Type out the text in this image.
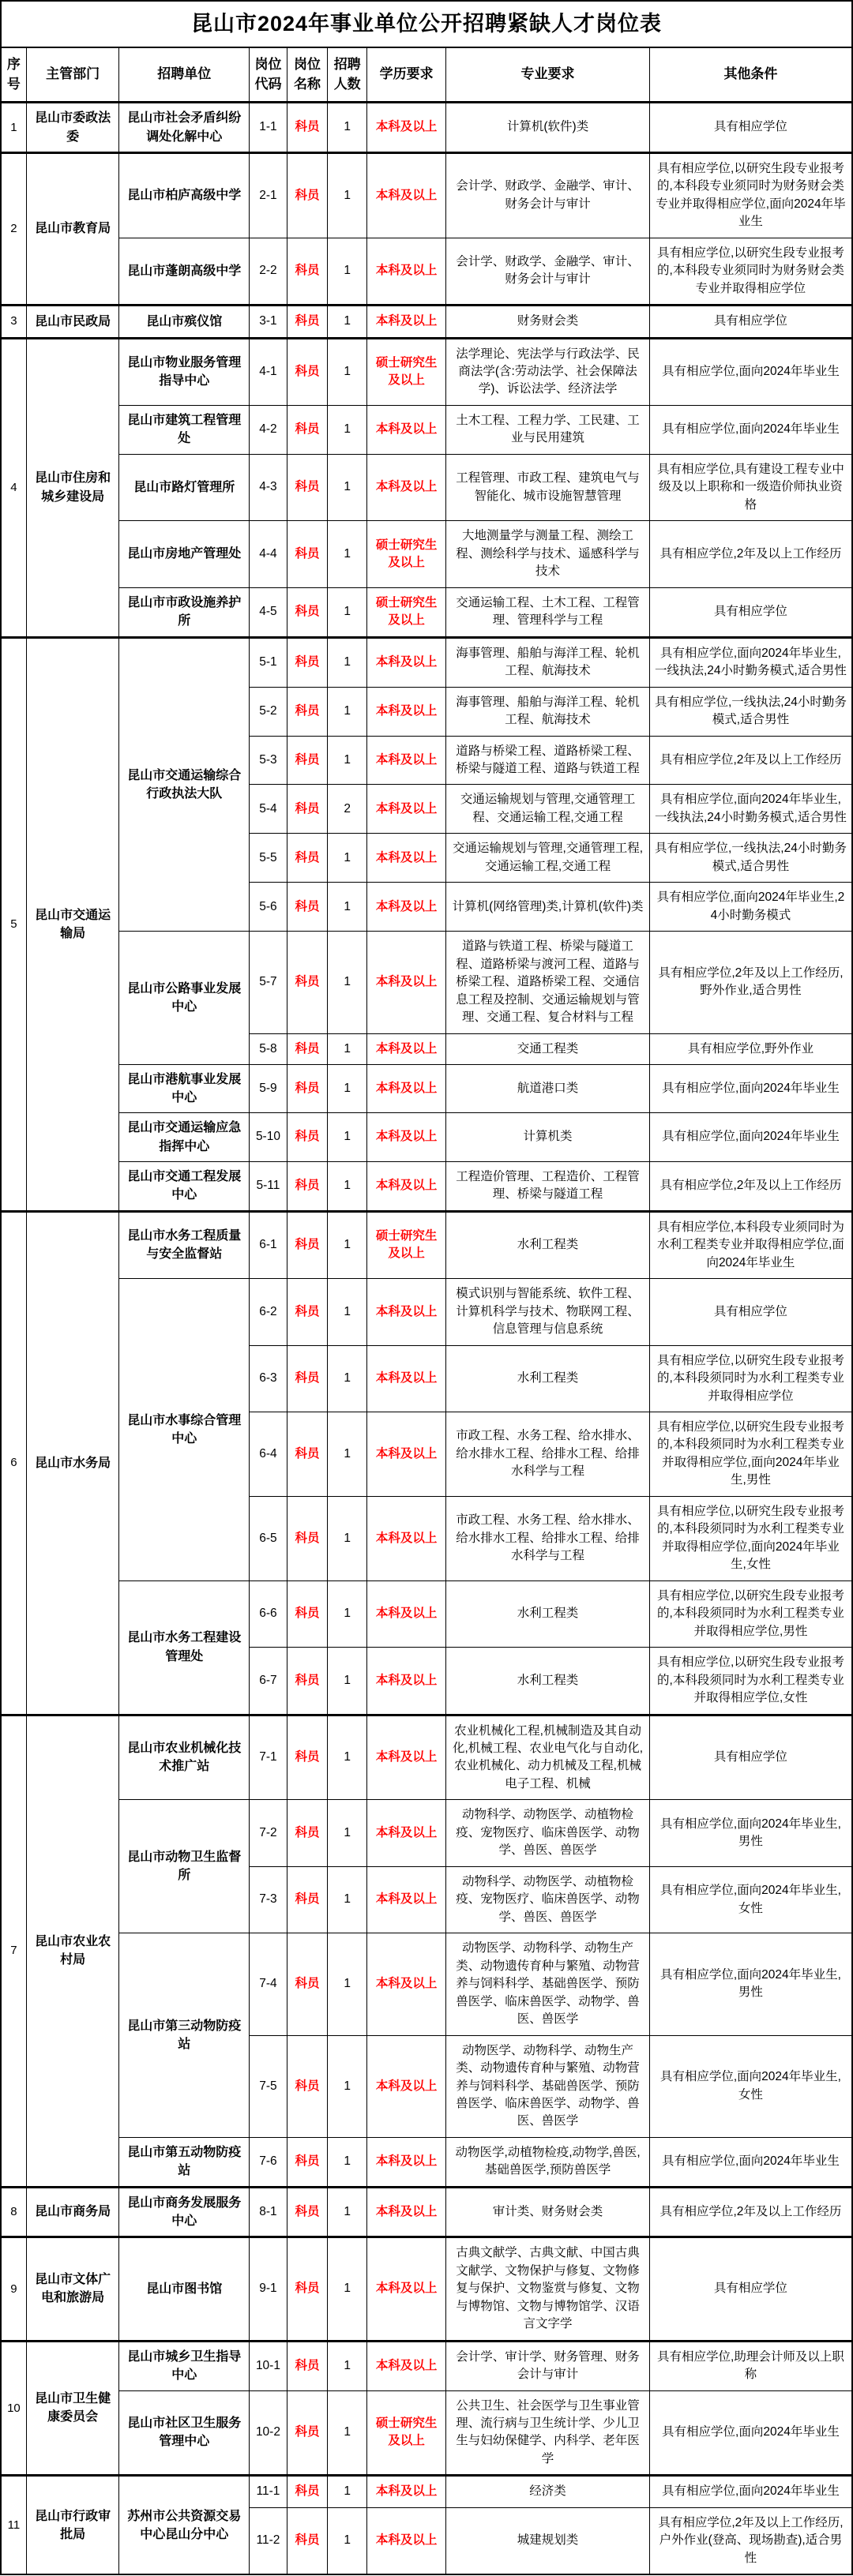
昆山市2024年事业单位公开招聘紧缺人才岗位表								
序号	主管部门	招聘单位	岗位代码	岗位名称	招聘人数	学历要求	专业要求	其他条件
1	昆山市委政法委	昆山市社会矛盾纠纷调处化解中心	1-1	科员	1	本科及以上	计算机(软件)类	具有相应学位
2	昆山市教育局	昆山市柏庐高级中学	2-1	科员	1	本科及以上	会计学、财政学、金融学、审计、财务会计与审计	具有相应学位,以研究生段专业报考的,本科段专业须同时为财务财会类专业并取得相应学位,面向2024年毕业生
		昆山市蓬朗高级中学	2-2	科员	1	本科及以上	会计学、财政学、金融学、审计、财务会计与审计	具有相应学位,以研究生段专业报考的,本科段专业须同时为财务财会类专业并取得相应学位
3	昆山市民政局	昆山市殡仪馆	3-1	科员	1	本科及以上	财务财会类	具有相应学位
4	昆山市住房和城乡建设局	昆山市物业服务管理指导中心	4-1	科员	1	硕士研究生及以上	法学理论、宪法学与行政法学、民商法学(含:劳动法学、社会保障法学)、诉讼法学、经济法学	具有相应学位,面向2024年毕业生
		昆山市建筑工程管理处	4-2	科员	1	本科及以上	土木工程、工程力学、工民建、工业与民用建筑	具有相应学位,面向2024年毕业生
		昆山市路灯管理所	4-3	科员	1	本科及以上	工程管理、市政工程、建筑电气与智能化、城市设施智慧管理	具有相应学位,具有建设工程专业中级及以上职称和一级造价师执业资格
		昆山市房地产管理处	4-4	科员	1	硕士研究生及以上	大地测量学与测量工程、测绘工程、测绘科学与技术、遥感科学与技术	具有相应学位,2年及以上工作经历
		昆山市市政设施养护所	4-5	科员	1	硕士研究生及以上	交通运输工程、土木工程、工程管理、管理科学与工程	具有相应学位
5	昆山市交通运输局	昆山市交通运输综合行政执法大队	5-1	科员	1	本科及以上	海事管理、船舶与海洋工程、轮机工程、航海技术	具有相应学位,面向2024年毕业生,一线执法,24小时勤务模式,适合男性
			5-2	科员	1	本科及以上	海事管理、船舶与海洋工程、轮机工程、航海技术	具有相应学位,一线执法,24小时勤务模式,适合男性
			5-3	科员	1	本科及以上	道路与桥梁工程、道路桥梁工程、桥梁与隧道工程、道路与铁道工程	具有相应学位,2年及以上工作经历
			5-4	科员	2	本科及以上	交通运输规划与管理,交通管理工程、交通运输工程,交通工程	具有相应学位,面向2024年毕业生,一线执法,24小时勤务模式,适合男性
			5-5	科员	1	本科及以上	交通运输规划与管理,交通管理工程,交通运输工程,交通工程	具有相应学位,一线执法,24小时勤务模式,适合男性
			5-6	科员	1	本科及以上	计算机(网络管理)类,计算机(软件)类	具有相应学位,面向2024年毕业生,24小时勤务模式
		昆山市公路事业发展中心	5-7	科员	1	本科及以上	道路与铁道工程、桥梁与隧道工程、道路桥梁与渡河工程、道路与桥梁工程、道路桥梁工程、交通信息工程及控制、交通运输规划与管理、交通工程、复合材料与工程	具有相应学位,2年及以上工作经历,野外作业,适合男性
			5-8	科员	1	本科及以上	交通工程类	具有相应学位,野外作业
		昆山市港航事业发展中心	5-9	科员	1	本科及以上	航道港口类	具有相应学位,面向2024年毕业生
		昆山市交通运输应急指挥中心	5-10	科员	1	本科及以上	计算机类	具有相应学位,面向2024年毕业生
		昆山市交通工程发展中心	5-11	科员	1	本科及以上	工程造价管理、工程造价、工程管理、桥梁与隧道工程	具有相应学位,2年及以上工作经历
6	昆山市水务局	昆山市水务工程质量与安全监督站	6-1	科员	1	硕士研究生及以上	水利工程类	具有相应学位,本科段专业须同时为水利工程类专业并取得相应学位,面向2024年毕业生
		昆山市水事综合管理中心	6-2	科员	1	本科及以上	模式识别与智能系统、软件工程、计算机科学与技术、物联网工程、信息管理与信息系统	具有相应学位
			6-3	科员	1	本科及以上	水利工程类	具有相应学位,以研究生段专业报考的,本科段须同时为水利工程类专业并取得相应学位
			6-4	科员	1	本科及以上	市政工程、水务工程、给水排水、给水排水工程、给排水工程、给排水科学与工程	具有相应学位,以研究生段专业报考的,本科段须同时为水利工程类专业并取得相应学位,面向2024年毕业生,男性
			6-5	科员	1	本科及以上	市政工程、水务工程、给水排水、给水排水工程、给排水工程、给排水科学与工程	具有相应学位,以研究生段专业报考的,本科段须同时为水利工程类专业并取得相应学位,面向2024年毕业生,女性
		昆山市水务工程建设管理处	6-6	科员	1	本科及以上	水利工程类	具有相应学位,以研究生段专业报考的,本科段须同时为水利工程类专业并取得相应学位,男性
			6-7	科员	1	本科及以上	水利工程类	具有相应学位,以研究生段专业报考的,本科段须同时为水利工程类专业并取得相应学位,女性
7	昆山市农业农村局	昆山市农业机械化技术推广站	7-1	科员	1	本科及以上	农业机械化工程,机械制造及其自动化,机械工程、农业电气化与自动化,农业机械化、动力机械及工程,机械电子工程、机械	具有相应学位
		昆山市动物卫生监督所	7-2	科员	1	本科及以上	动物科学、动物医学、动植物检疫、宠物医疗、临床兽医学、动物学、兽医、兽医学	具有相应学位,面向2024年毕业生,男性
			7-3	科员	1	本科及以上	动物科学、动物医学、动植物检疫、宠物医疗、临床兽医学、动物学、兽医、兽医学	具有相应学位,面向2024年毕业生,女性
		昆山市第三动物防疫站	7-4	科员	1	本科及以上	动物医学、动物科学、动物生产类、动物遗传育种与繁殖、动物营养与饲料科学、基础兽医学、预防兽医学、临床兽医学、动物学、兽医、兽医学	具有相应学位,面向2024年毕业生,男性
			7-5	科员	1	本科及以上	动物医学、动物科学、动物生产类、动物遗传育种与繁殖、动物营养与饲料科学、基础兽医学、预防兽医学、临床兽医学、动物学、兽医、兽医学	具有相应学位,面向2024年毕业生,女性
		昆山市第五动物防疫站	7-6	科员	1	本科及以上	动物医学,动植物检疫,动物学,兽医,基础兽医学,预防兽医学	具有相应学位,面向2024年毕业生
8	昆山市商务局	昆山市商务发展服务中心	8-1	科员	1	本科及以上	审计类、财务财会类	具有相应学位,2年及以上工作经历
9	昆山市文体广电和旅游局	昆山市图书馆	9-1	科员	1	本科及以上	古典文献学、古典文献、中国古典文献学、文物保护与修复、文物修复与保护、文物鉴赏与修复、文物与博物馆、文物与博物馆学、汉语言文字学	具有相应学位
10	昆山市卫生健康委员会	昆山市城乡卫生指导中心	10-1	科员	1	本科及以上	会计学、审计学、财务管理、财务会计与审计	具有相应学位,助理会计师及以上职称
		昆山市社区卫生服务管理中心	10-2	科员	1	硕士研究生及以上	公共卫生、社会医学与卫生事业管理、流行病与卫生统计学、少儿卫生与妇幼保健学、内科学、老年医学	具有相应学位,面向2024年毕业生
11	昆山市行政审批局	苏州市公共资源交易中心昆山分中心	11-1	科员	1	本科及以上	经济类	具有相应学位,面向2024年毕业生
			11-2	科员	1	本科及以上	城建规划类	具有相应学位,2年及以上工作经历,户外作业(登高、现场勘查),适合男性
